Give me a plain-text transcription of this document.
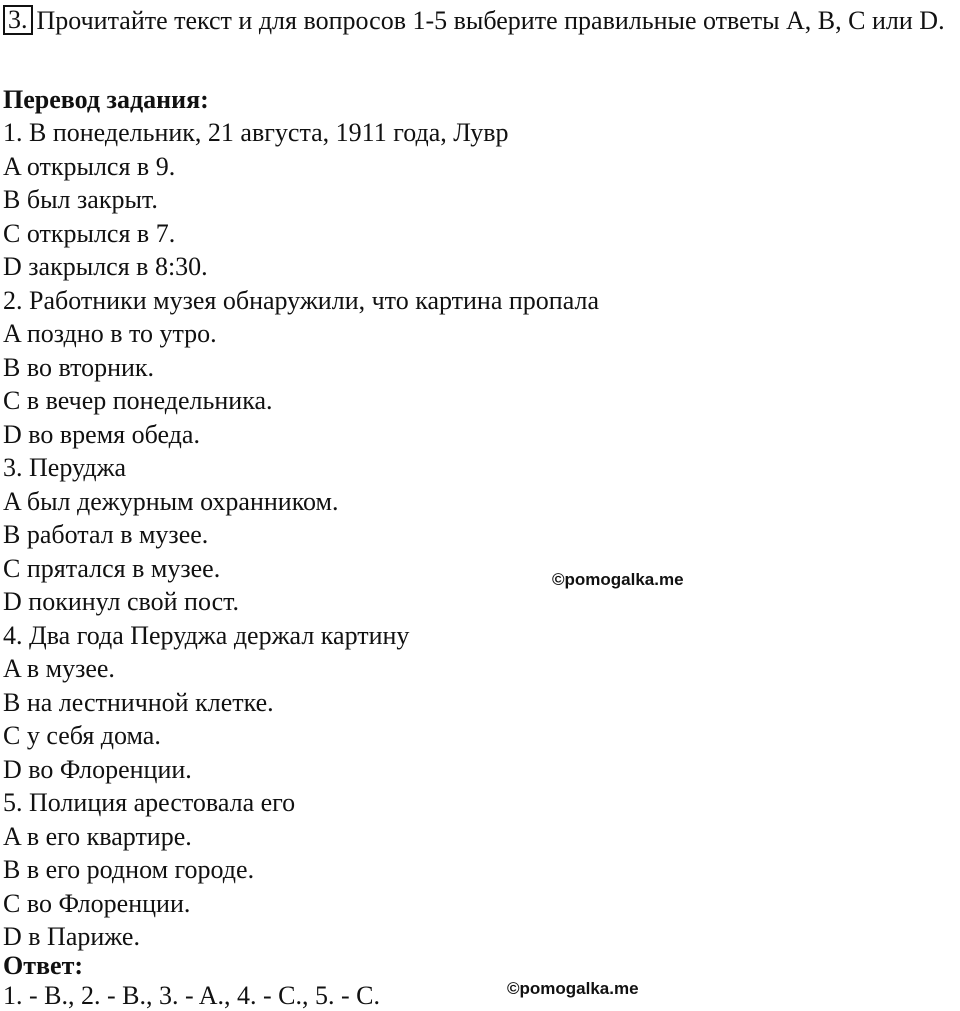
3. Прочитайте текст и для вопросов 1-5 выберите правильные ответы А, В, С или D.
Перевод задания:
1. В понедельник, 21 августа, 1911 года, Лувр
A открылся в 9.
B был закрыт.
C открылся в 7.
D закрылся в 8:30.
2. Работники музея обнаружили, что картина пропала
A поздно в то утро.
B во вторник.
C в вечер понедельника.
D во время обеда.
3. Перуджа
A был дежурным охранником.
B работал в музее.
C прятался в музее.
D покинул свой пост.
4. Два года Перуджа держал картину
A в музее.
B на лестничной клетке.
C у себя дома.
D во Флоренции.
5. Полиция арестовала его
A в его квартире.
B в его родном городе.
C во Флоренции.
D в Париже.
Ответ:
1. - B., 2. - B., 3. - A., 4. - C., 5. - C.
©pomogalka.me
©pomogalka.me
